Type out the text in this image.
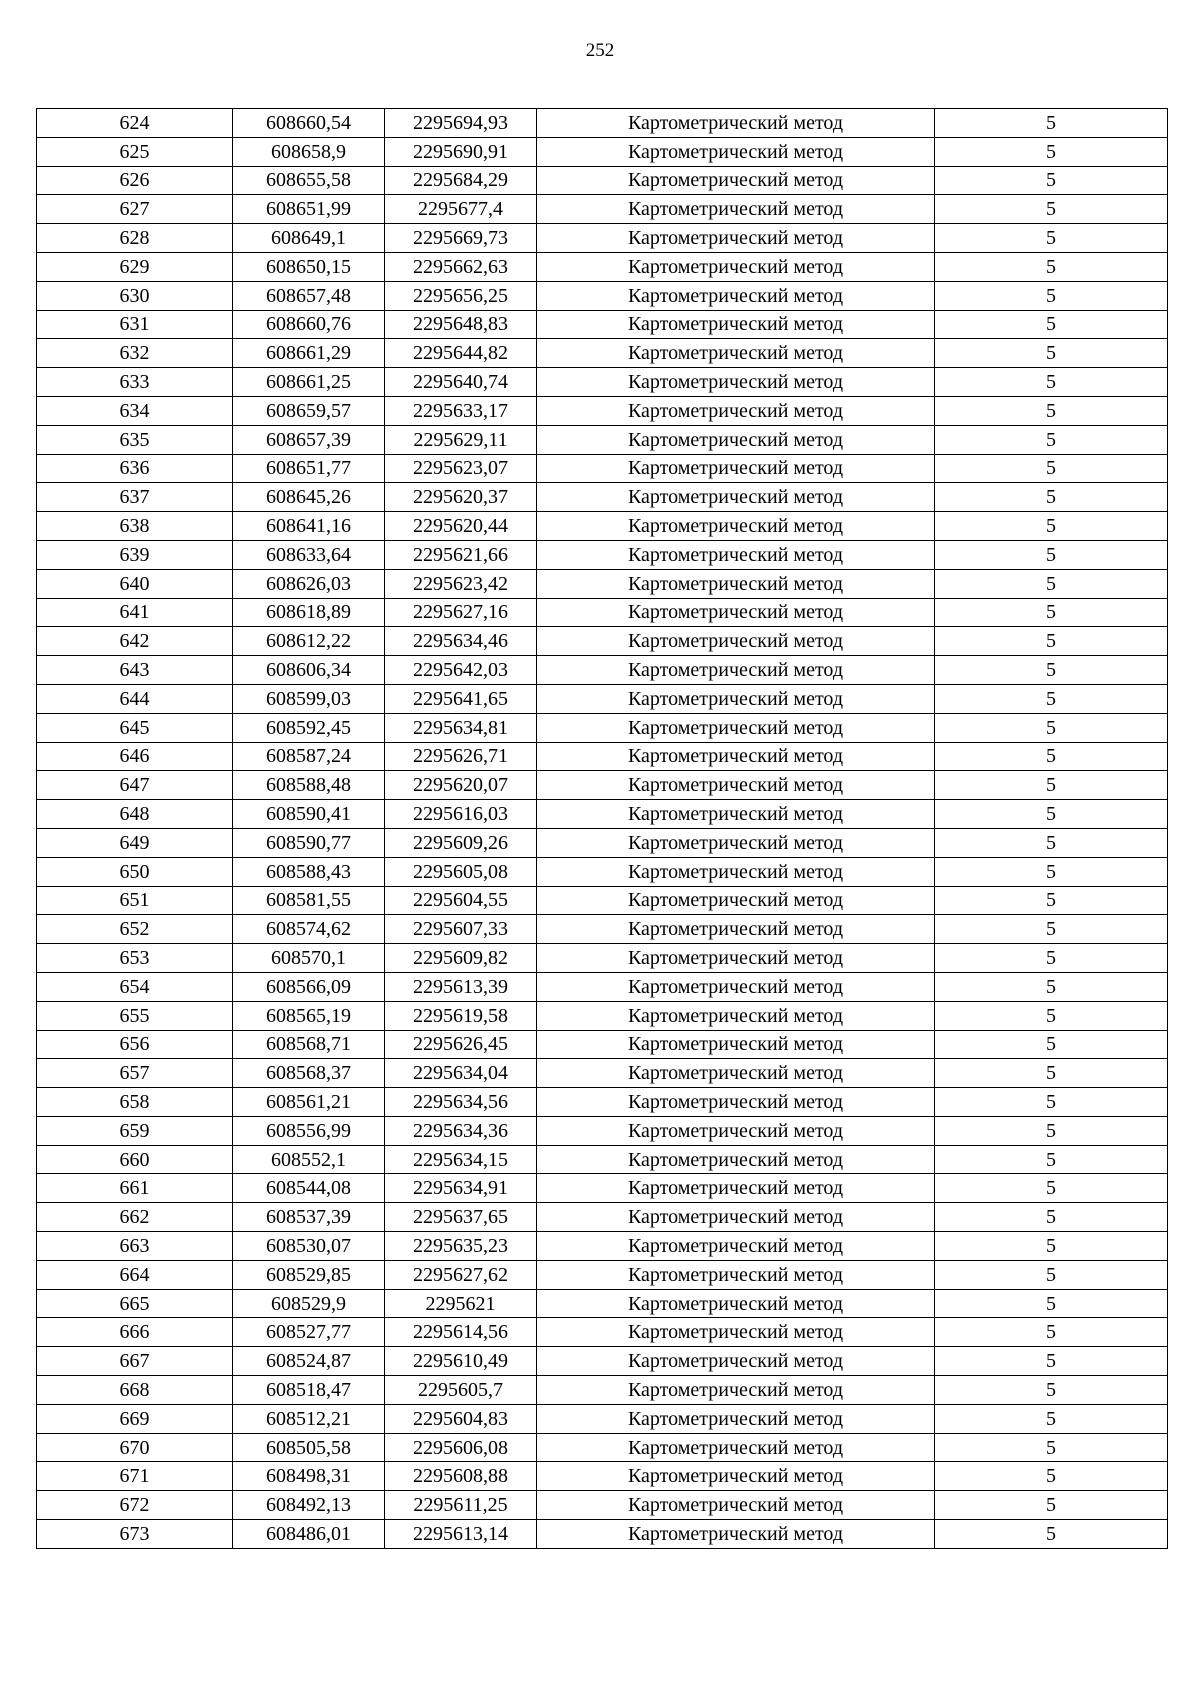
252
624	608660,54	2295694,93	Картометрический метод	5
625	608658,9	2295690,91	Картометрический метод	5
626	608655,58	2295684,29	Картометрический метод	5
627	608651,99	2295677,4	Картометрический метод	5
628	608649,1	2295669,73	Картометрический метод	5
629	608650,15	2295662,63	Картометрический метод	5
630	608657,48	2295656,25	Картометрический метод	5
631	608660,76	2295648,83	Картометрический метод	5
632	608661,29	2295644,82	Картометрический метод	5
633	608661,25	2295640,74	Картометрический метод	5
634	608659,57	2295633,17	Картометрический метод	5
635	608657,39	2295629,11	Картометрический метод	5
636	608651,77	2295623,07	Картометрический метод	5
637	608645,26	2295620,37	Картометрический метод	5
638	608641,16	2295620,44	Картометрический метод	5
639	608633,64	2295621,66	Картометрический метод	5
640	608626,03	2295623,42	Картометрический метод	5
641	608618,89	2295627,16	Картометрический метод	5
642	608612,22	2295634,46	Картометрический метод	5
643	608606,34	2295642,03	Картометрический метод	5
644	608599,03	2295641,65	Картометрический метод	5
645	608592,45	2295634,81	Картометрический метод	5
646	608587,24	2295626,71	Картометрический метод	5
647	608588,48	2295620,07	Картометрический метод	5
648	608590,41	2295616,03	Картометрический метод	5
649	608590,77	2295609,26	Картометрический метод	5
650	608588,43	2295605,08	Картометрический метод	5
651	608581,55	2295604,55	Картометрический метод	5
652	608574,62	2295607,33	Картометрический метод	5
653	608570,1	2295609,82	Картометрический метод	5
654	608566,09	2295613,39	Картометрический метод	5
655	608565,19	2295619,58	Картометрический метод	5
656	608568,71	2295626,45	Картометрический метод	5
657	608568,37	2295634,04	Картометрический метод	5
658	608561,21	2295634,56	Картометрический метод	5
659	608556,99	2295634,36	Картометрический метод	5
660	608552,1	2295634,15	Картометрический метод	5
661	608544,08	2295634,91	Картометрический метод	5
662	608537,39	2295637,65	Картометрический метод	5
663	608530,07	2295635,23	Картометрический метод	5
664	608529,85	2295627,62	Картометрический метод	5
665	608529,9	2295621	Картометрический метод	5
666	608527,77	2295614,56	Картометрический метод	5
667	608524,87	2295610,49	Картометрический метод	5
668	608518,47	2295605,7	Картометрический метод	5
669	608512,21	2295604,83	Картометрический метод	5
670	608505,58	2295606,08	Картометрический метод	5
671	608498,31	2295608,88	Картометрический метод	5
672	608492,13	2295611,25	Картометрический метод	5
673	608486,01	2295613,14	Картометрический метод	5
